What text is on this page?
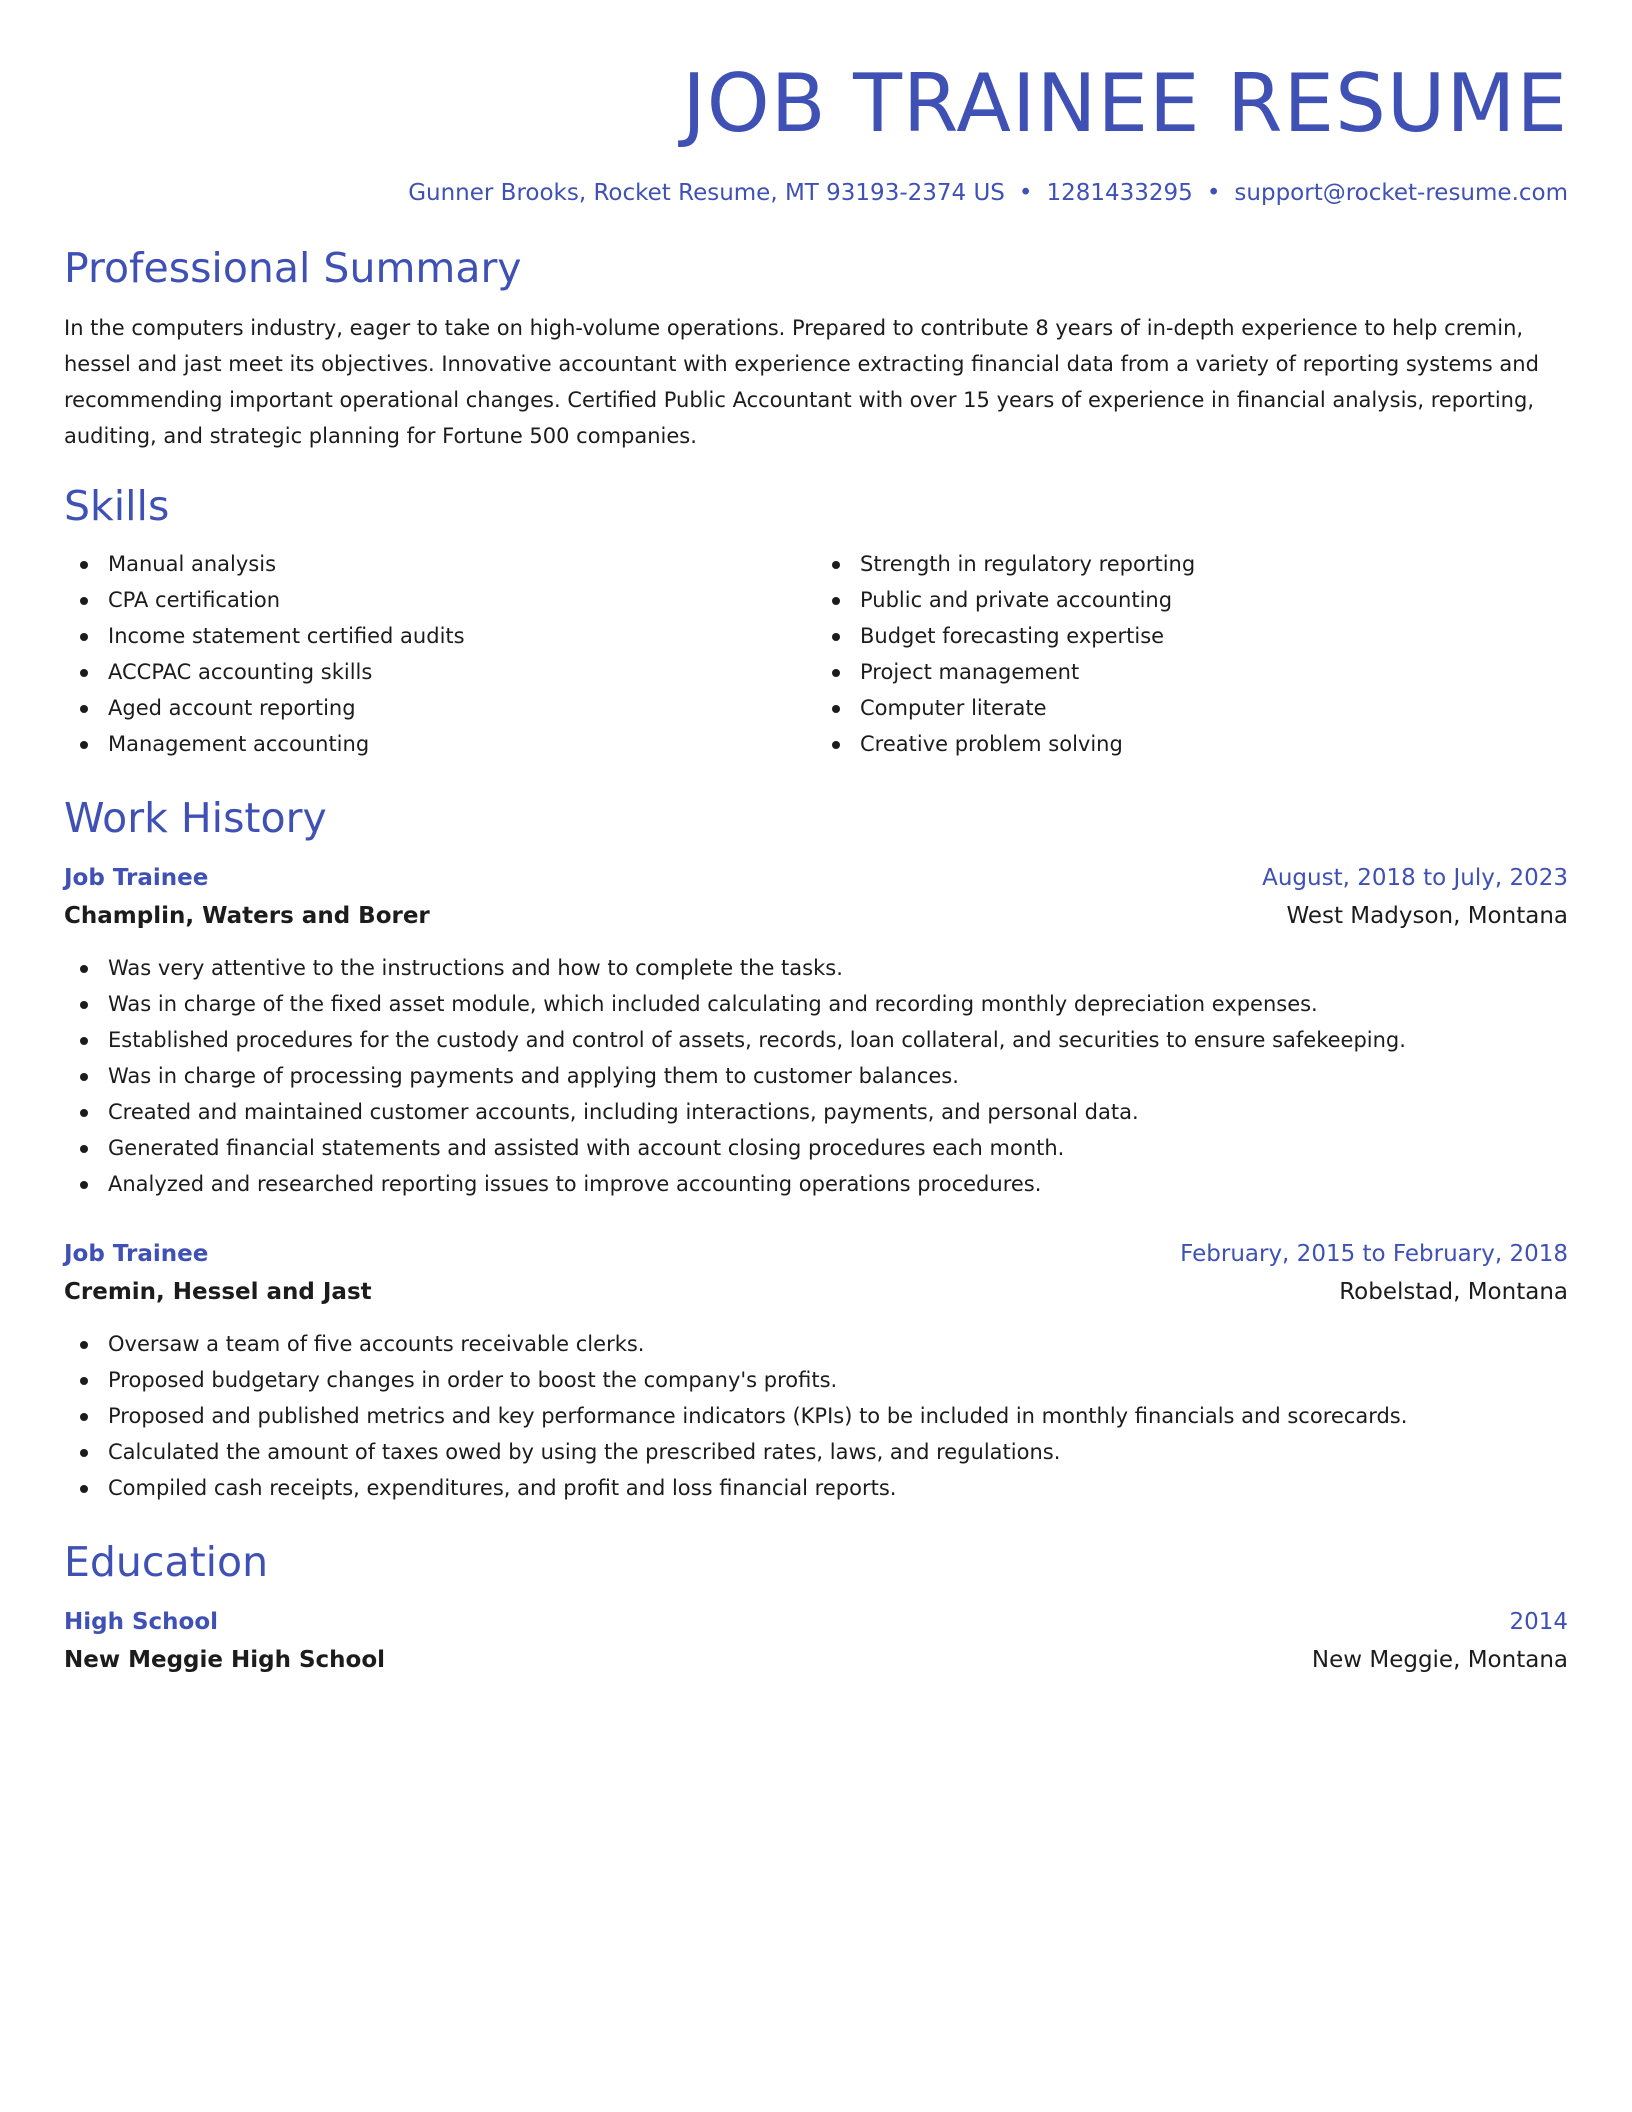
JOB TRAINEE RESUME
Gunner Brooks, Rocket Resume, MT 93193-2374 US • 1281433295 • support@rocket-resume.com
Professional Summary

In the computers industry, eager to take on high-volume operations. Prepared to contribute 8 years of in-depth experience to help cremin, hessel and jast meet its objectives. Innovative accountant with experience extracting financial data from a variety of reporting systems and recommending important operational changes. Certified Public Accountant with over 15 years of experience in financial analysis, reporting, auditing, and strategic planning for Fortune 500 companies.

Skills
Manual analysis
CPA certification
Income statement certified audits
ACCPAC accounting skills
Aged account reporting
Management accounting
Strength in regulatory reporting
Public and private accounting
Budget forecasting expertise
Project management
Computer literate
Creative problem solving
Work History
Job Trainee	August, 2018 to July, 2023
Champlin, Waters and Borer	West Madyson, Montana
Was very attentive to the instructions and how to complete the tasks.
Was in charge of the fixed asset module, which included calculating and recording monthly depreciation expenses.
Established procedures for the custody and control of assets, records, loan collateral, and securities to ensure safekeeping.
Was in charge of processing payments and applying them to customer balances.
Created and maintained customer accounts, including interactions, payments, and personal data.
Generated financial statements and assisted with account closing procedures each month.
Analyzed and researched reporting issues to improve accounting operations procedures.
Job Trainee	February, 2015 to February, 2018
Cremin, Hessel and Jast	Robelstad, Montana
Oversaw a team of five accounts receivable clerks.
Proposed budgetary changes in order to boost the company's profits.
Proposed and published metrics and key performance indicators (KPIs) to be included in monthly financials and scorecards.
Calculated the amount of taxes owed by using the prescribed rates, laws, and regulations.
Compiled cash receipts, expenditures, and profit and loss financial reports.
Education
High School	2014
New Meggie High School	New Meggie, Montana
